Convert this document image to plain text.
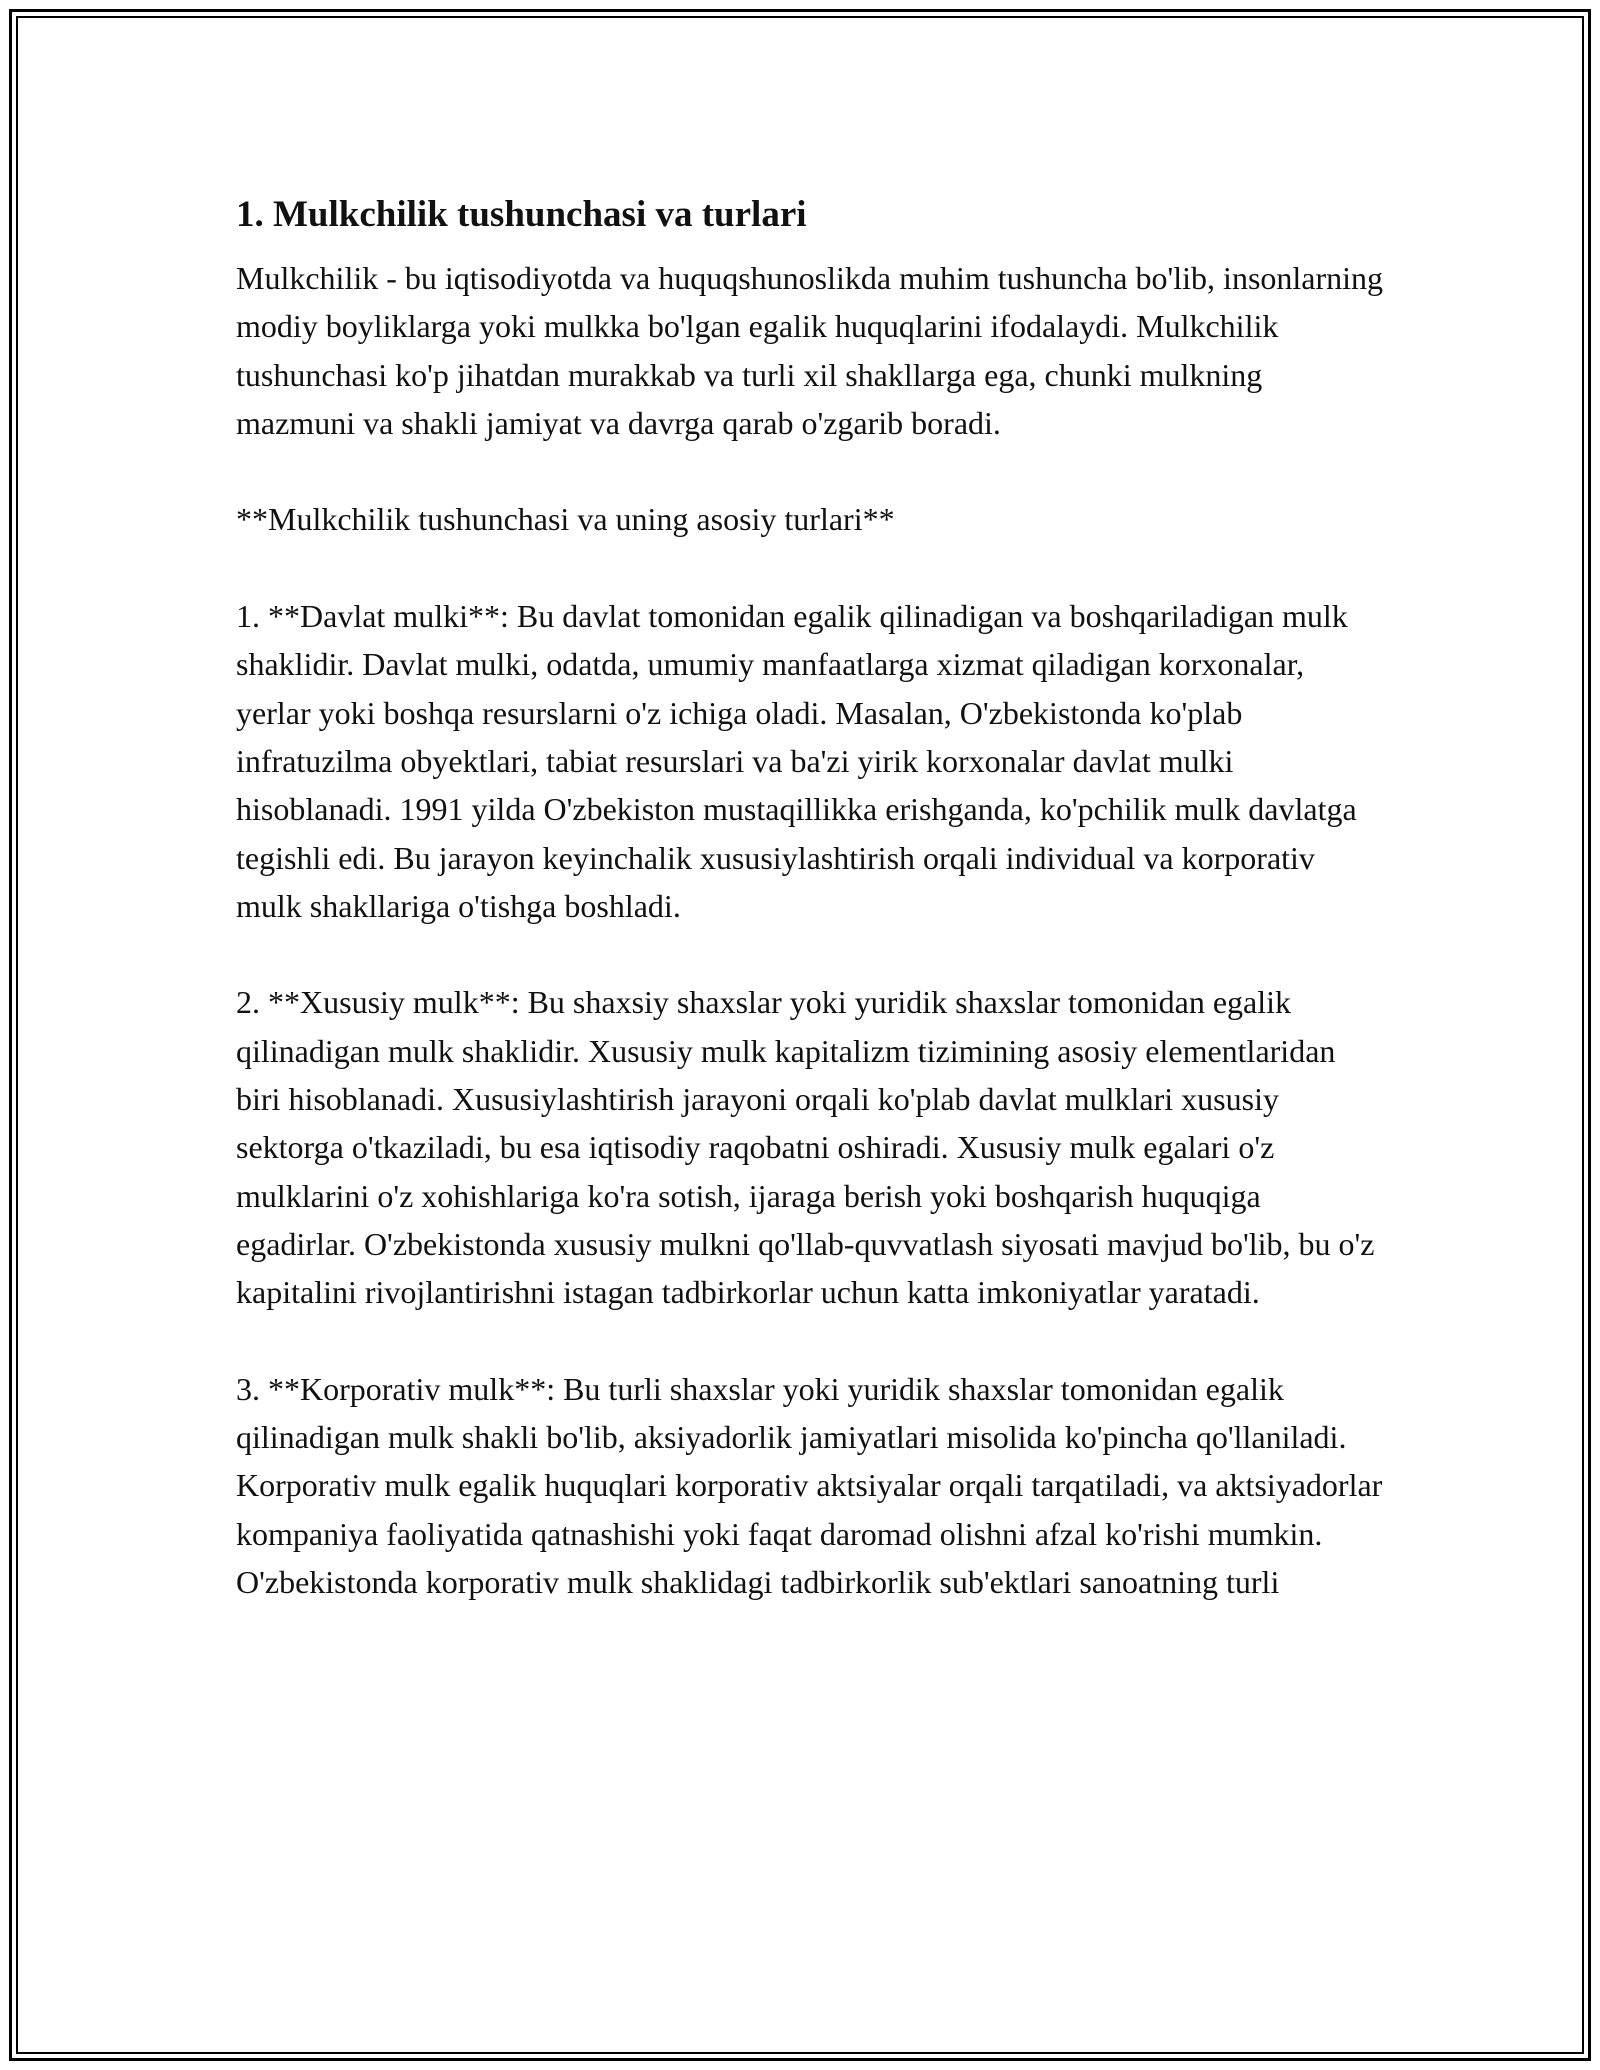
1. Mulkchilik tushunchasi va turlari

Mulkchilik - bu iqtisodiyotda va huquqshunoslikda muhim tushuncha bo'lib, insonlarning modiy boyliklarga yoki mulkka bo'lgan egalik huquqlarini ifodalaydi. Mulkchilik tushunchasi ko'p jihatdan murakkab va turli xil shakllarga ega, chunki mulkning mazmuni va shakli jamiyat va davrga qarab o'zgarib boradi.

**Mulkchilik tushunchasi va uning asosiy turlari**

1. **Davlat mulki**: Bu davlat tomonidan egalik qilinadigan va boshqariladigan mulk shaklidir. Davlat mulki, odatda, umumiy manfaatlarga xizmat qiladigan korxonalar, yerlar yoki boshqa resurslarni o'z ichiga oladi. Masalan, O'zbekistonda ko'plab infratuzilma obyektlari, tabiat resurslari va ba'zi yirik korxonalar davlat mulki hisoblanadi. 1991 yilda O'zbekiston mustaqillikka erishganda, ko'pchilik mulk davlatga tegishli edi. Bu jarayon keyinchalik xususiylashtirish orqali individual va korporativ mulk shakllariga o'tishga boshladi.

2. **Xususiy mulk**: Bu shaxsiy shaxslar yoki yuridik shaxslar tomonidan egalik qilinadigan mulk shaklidir. Xususiy mulk kapitalizm tizimining asosiy elementlaridan biri hisoblanadi. Xususiylashtirish jarayoni orqali ko'plab davlat mulklari xususiy sektorga o'tkaziladi, bu esa iqtisodiy raqobatni oshiradi. Xususiy mulk egalari o'z mulklarini o'z xohishlariga ko'ra sotish, ijaraga berish yoki boshqarish huquqiga egadirlar. O'zbekistonda xususiy mulkni qo'llab-quvvatlash siyosati mavjud bo'lib, bu o'z kapitalini rivojlantirishni istagan tadbirkorlar uchun katta imkoniyatlar yaratadi.

3. **Korporativ mulk**: Bu turli shaxslar yoki yuridik shaxslar tomonidan egalik qilinadigan mulk shakli bo'lib, aksiyadorlik jamiyatlari misolida ko'pincha qo'llaniladi. Korporativ mulk egalik huquqlari korporativ aktsiyalar orqali tarqatiladi, va aktsiyadorlar kompaniya faoliyatida qatnashishi yoki faqat daromad olishni afzal ko'rishi mumkin. O'zbekistonda korporativ mulk shaklidagi tadbirkorlik sub'ektlari sanoatning turli
